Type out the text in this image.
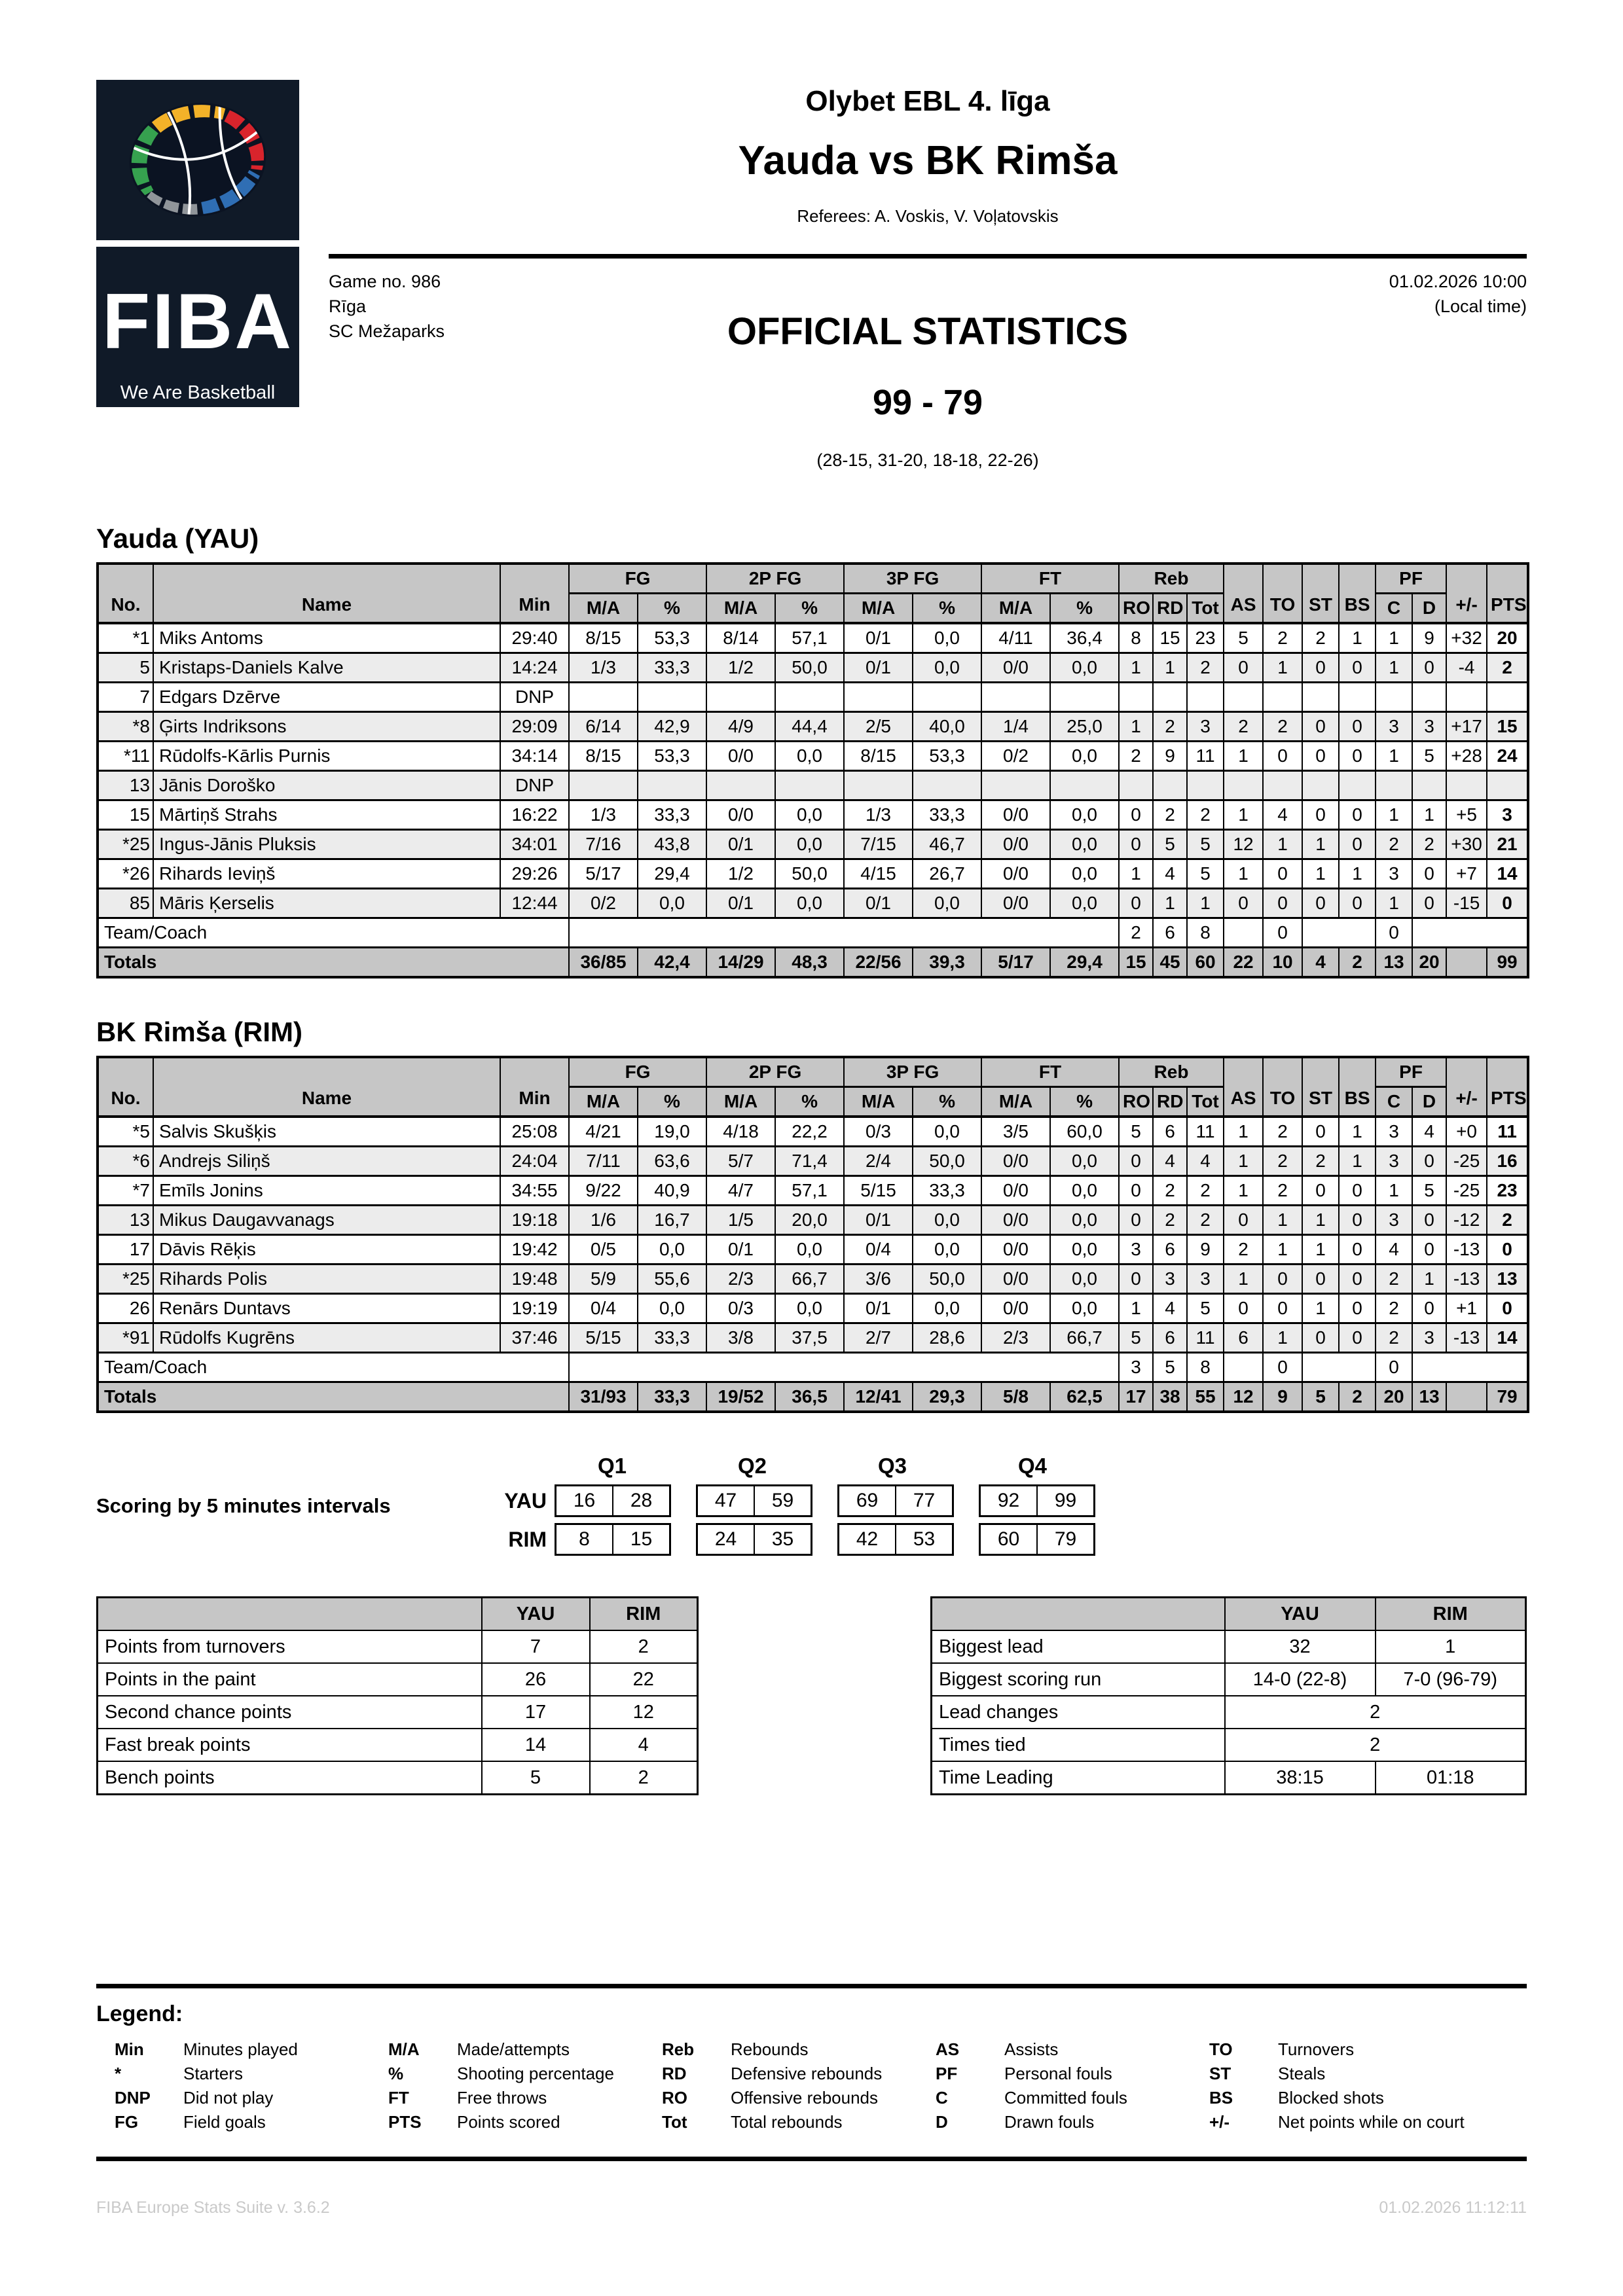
FIBA
We Are Basketball
Olybet EBL 4. līga
Yauda vs BK Rimša
Referees: A. Voskis, V. Voļatovskis
Game no. 986
Rīga
SC Mežaparks	OFFICIAL STATISTICS
99 - 79
(28-15, 31-20, 18-18, 22-26)
01.02.2026 10:00
(Local time)
Yauda (YAU)
No.	Name	Min	FG		2P FG		3P FG		FT		Reb			AS	TO	ST	BS	PF		+/-	PTS
			M/A	%	M/A	%	M/A	%	M/A	%	RO	RD	Tot					C	D		
*1	Miks Antoms	29:40	8/15	53,3	8/14	57,1	0/1	0,0	4/11	36,4	8	15	23	5	2	2	1	1	9	+32	20
5	Kristaps-Daniels Kalve	14:24	1/3	33,3	1/2	50,0	0/1	0,0	0/0	0,0	1	1	2	0	1	0	0	1	0	-4	2
7	Edgars Dzērve	DNP																			
*8	Ģirts Indriksons	29:09	6/14	42,9	4/9	44,4	2/5	40,0	1/4	25,0	1	2	3	2	2	0	0	3	3	+17	15
*11	Rūdolfs-Kārlis Purnis	34:14	8/15	53,3	0/0	0,0	8/15	53,3	0/2	0,0	2	9	11	1	0	0	0	1	5	+28	24
13	Jānis Doroško	DNP																			
15	Mārtiņš Strahs	16:22	1/3	33,3	0/0	0,0	1/3	33,3	0/0	0,0	0	2	2	1	4	0	0	1	1	+5	3
*25	Ingus-Jānis Pluksis	34:01	7/16	43,8	0/1	0,0	7/15	46,7	0/0	0,0	0	5	5	12	1	1	0	2	2	+30	21
*26	Rihards Ieviņš	29:26	5/17	29,4	1/2	50,0	4/15	26,7	0/0	0,0	1	4	5	1	0	1	1	3	0	+7	14
85	Māris Ķerselis	12:44	0/2	0,0	0/1	0,0	0/1	0,0	0/0	0,0	0	1	1	0	0	0	0	1	0	-15	0
Team/Coach											2	6	8		0			0			
Totals			36/85	42,4	14/29	48,3	22/56	39,3	5/17	29,4	15	45	60	22	10	4	2	13	20		99
BK Rimša (RIM)
No.	Name	Min	FG		2P FG		3P FG		FT		Reb			AS	TO	ST	BS	PF		+/-	PTS
			M/A	%	M/A	%	M/A	%	M/A	%	RO	RD	Tot					C	D		
*5	Salvis Skušķis	25:08	4/21	19,0	4/18	22,2	0/3	0,0	3/5	60,0	5	6	11	1	2	0	1	3	4	+0	11
*6	Andrejs Siliņš	24:04	7/11	63,6	5/7	71,4	2/4	50,0	0/0	0,0	0	4	4	1	2	2	1	3	0	-25	16
*7	Emīls Jonins	34:55	9/22	40,9	4/7	57,1	5/15	33,3	0/0	0,0	0	2	2	1	2	0	0	1	5	-25	23
13	Mikus Daugavvanags	19:18	1/6	16,7	1/5	20,0	0/1	0,0	0/0	0,0	0	2	2	0	1	1	0	3	0	-12	2
17	Dāvis Rēķis	19:42	0/5	0,0	0/1	0,0	0/4	0,0	0/0	0,0	3	6	9	2	1	1	0	4	0	-13	0
*25	Rihards Polis	19:48	5/9	55,6	2/3	66,7	3/6	50,0	0/0	0,0	0	3	3	1	0	0	0	2	1	-13	13
26	Renārs Duntavs	19:19	0/4	0,0	0/3	0,0	0/1	0,0	0/0	0,0	1	4	5	0	0	1	0	2	0	+1	0
*91	Rūdolfs Kugrēns	37:46	5/15	33,3	3/8	37,5	2/7	28,6	2/3	66,7	5	6	11	6	1	0	0	2	3	-13	14
Team/Coach											3	5	8		0			0			
Totals			31/93	33,3	19/52	36,5	12/41	29,3	5/8	62,5	17	38	55	12	9	5	2	20	13		79
Scoring by 5 minutes intervals
Q1	Q2	Q3	Q4
YAU	16	28	47	59	69	77	92	99
RIM	8	15	24	35	42	53	60	79
	YAU	RIM
Points from turnovers	7	2
Points in the paint	26	22
Second chance points	17	12
Fast break points	14	4
Bench points	5	2
	YAU	RIM
Biggest lead	32	1
Biggest scoring run	14-0 (22-8)	7-0 (96-79)
Lead changes	2	
Times tied	2	
Time Leading	38:15	01:18
Legend:
Min	Minutes played
*	Starters
DNP	Did not play
FG	Field goals
M/A	Made/attempts
%	Shooting percentage
FT	Free throws
PTS	Points scored
Reb	Rebounds
RD	Defensive rebounds
RO	Offensive rebounds
Tot	Total rebounds
AS	Assists
PF	Personal fouls
C	Committed fouls
D	Drawn fouls
TO	Turnovers
ST	Steals
BS	Blocked shots
+/-	Net points while on court
FIBA Europe Stats Suite v. 3.6.2	01.02.2026 11:12:11
